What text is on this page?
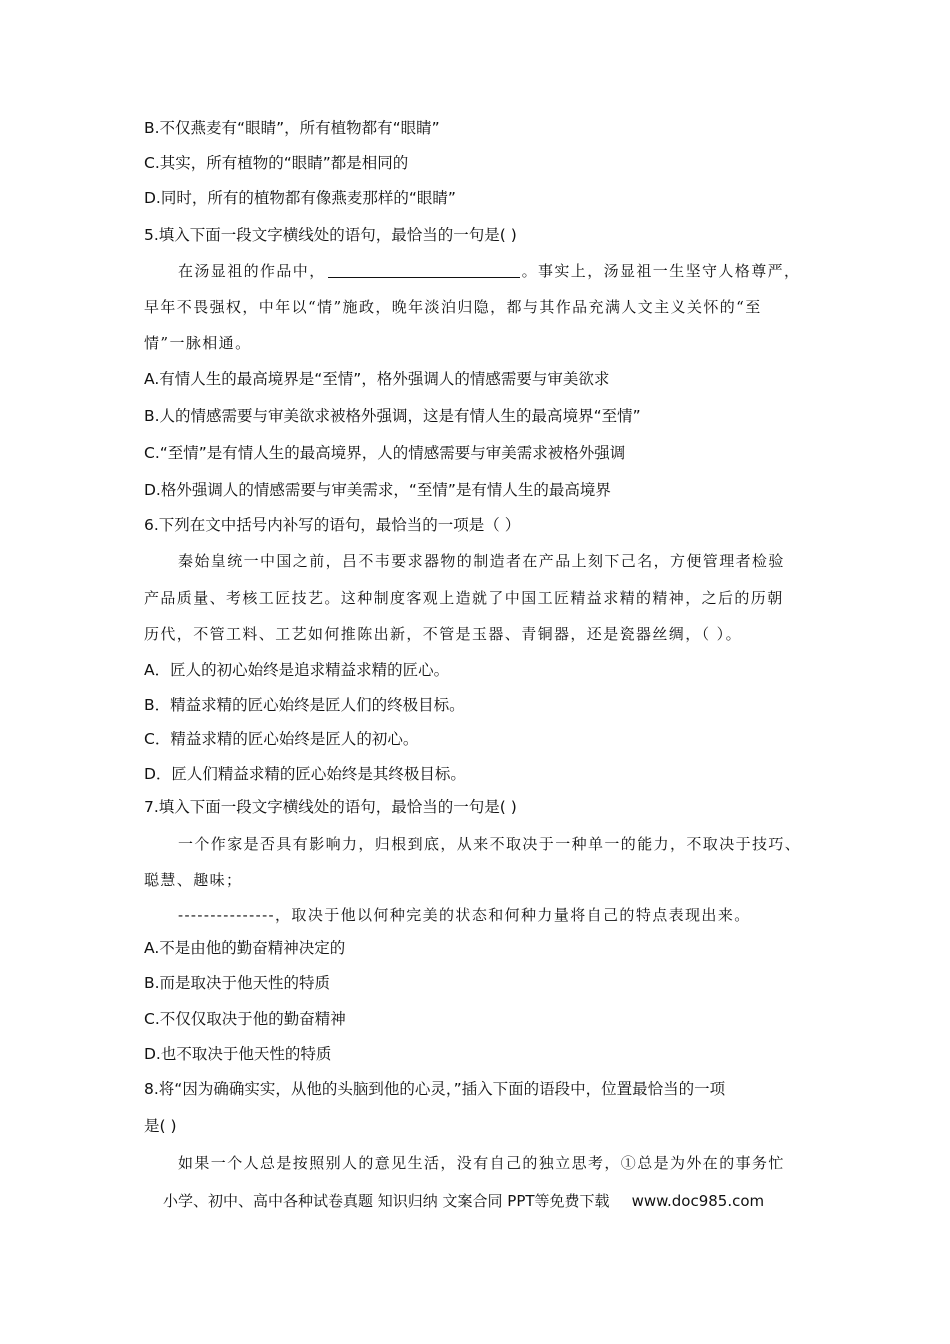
B.不仅燕麦有“眼睛”，所有植物都有“眼睛”
C.其实，所有植物的“眼睛”都是相同的
D.同时，所有的植物都有像燕麦那样的“眼睛”
5.填入下面一段文字横线处的语句，最恰当的一句是( )
在汤显祖的作品中，	。事实上，汤显祖一生坚守人格尊严，
早年不畏强权，中年以“情”施政，晚年淡泊归隐，都与其作品充满人文主义关怀的“至
情”一脉相通。
A.有情人生的最高境界是“至情”，格外强调人的情感需要与审美欲求
B.人的情感需要与审美欲求被格外强调，这是有情人生的最高境界“至情”
C.“至情”是有情人生的最高境界，人的情感需要与审美需求被格外强调
D.格外强调人的情感需要与审美需求，“至情”是有情人生的最高境界
6.下列在文中括号内补写的语句，最恰当的一项是（ ）
秦始皇统一中国之前，吕不韦要求器物的制造者在产品上刻下己名，方便管理者检验
产品质量、考核工匠技艺。这种制度客观上造就了中国工匠精益求精的精神，之后的历朝
历代，不管工料、工艺如何推陈出新，不管是玉器、青铜器，还是瓷器丝绸，（ ）。
A．匠人的初心始终是追求精益求精的匠心。
B．精益求精的匠心始终是匠人们的终极目标。
C．精益求精的匠心始终是匠人的初心。
D．匠人们精益求精的匠心始终是其终极目标。
7.填入下面一段文字横线处的语句，最恰当的一句是( )
一个作家是否具有影响力，归根到底，从来不取决于一种单一的能力，不取决于技巧、
聪慧、趣味；
---------------，取决于他以何种完美的状态和何种力量将自己的特点表现出来。
A.不是由他的勤奋精神决定的
B.而是取决于他天性的特质
C.不仅仅取决于他的勤奋精神
D.也不取决于他天性的特质
8.将“因为确确实实，从他的头脑到他的心灵，”插入下面的语段中，位置最恰当的一项
是( )
如果一个人总是按照别人的意见生活，没有自己的独立思考，①总是为外在的事务忙
小学、初中、高中各种试卷真题 知识归纳 文案合同 PPT等免费下载 www.doc985.com
